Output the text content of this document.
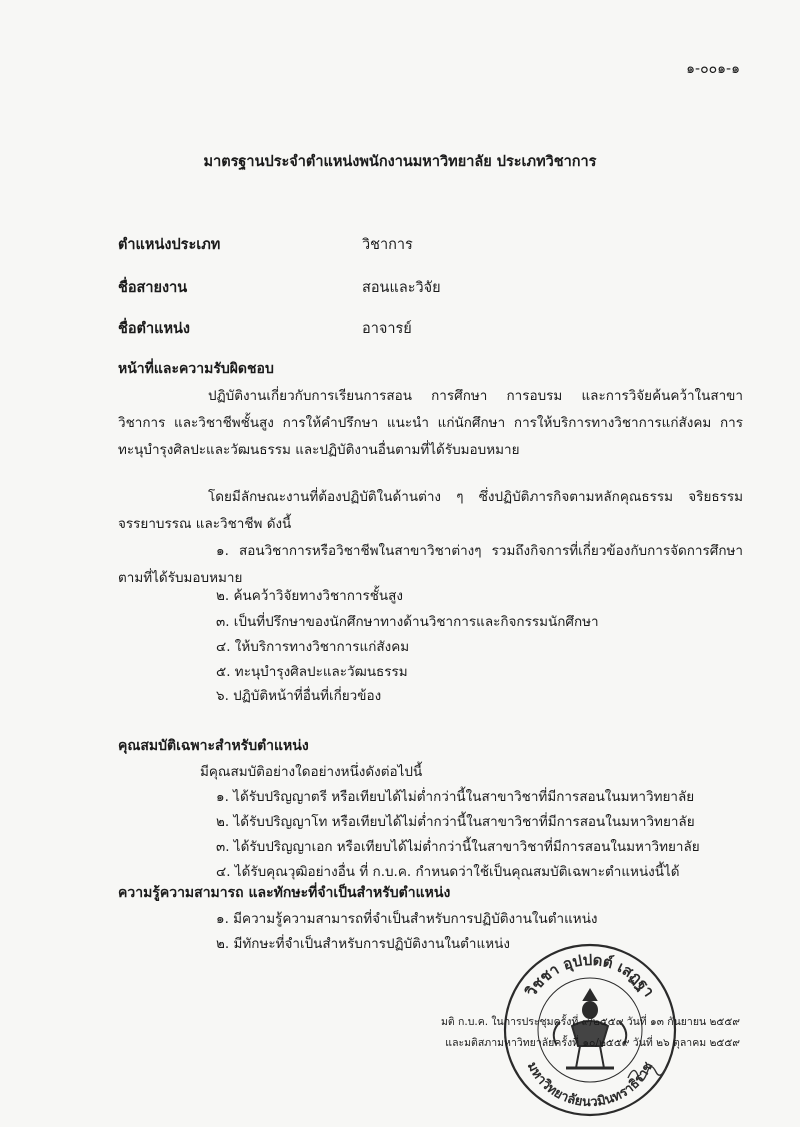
๑-๐๐๑-๑
มาตรฐานประจำตำแหน่งพนักงานมหาวิทยาลัย ประเภทวิชาการ
ตำแหน่งประเภท	วิชาการ
ชื่อสายงาน	สอนและวิจัย
ชื่อตำแหน่ง	อาจารย์
หน้าที่และความรับผิดชอบ
ปฏิบัติงานเกี่ยวกับการเรียนการสอน การศึกษา การอบรม และการวิจัยค้นคว้าในสาขาวิชาการ และวิชาชีพชั้นสูง การให้คำปรึกษา แนะนำ แก่นักศึกษา การให้บริการทางวิชาการแก่สังคม การทะนุบำรุงศิลปะและวัฒนธรรม และปฏิบัติงานอื่นตามที่ได้รับมอบหมาย
โดยมีลักษณะงานที่ต้องปฏิบัติในด้านต่าง ๆ ซึ่งปฏิบัติภารกิจตามหลักคุณธรรม จริยธรรม จรรยาบรรณ และวิชาชีพ ดังนี้
๑. สอนวิชาการหรือวิชาชีพในสาขาวิชาต่างๆ รวมถึงกิจการที่เกี่ยวข้องกับการจัดการศึกษาตามที่ได้รับมอบหมาย
๒. ค้นคว้าวิจัยทางวิชาการชั้นสูง
๓. เป็นที่ปรึกษาของนักศึกษาทางด้านวิชาการและกิจกรรมนักศึกษา
๔. ให้บริการทางวิชาการแก่สังคม
๕. ทะนุบำรุงศิลปะและวัฒนธรรม
๖. ปฏิบัติหน้าที่อื่นที่เกี่ยวข้อง
คุณสมบัติเฉพาะสำหรับตำแหน่ง
มีคุณสมบัติอย่างใดอย่างหนึ่งดังต่อไปนี้
๑. ได้รับปริญญาตรี หรือเทียบได้ไม่ต่ำกว่านี้ในสาขาวิชาที่มีการสอนในมหาวิทยาลัย
๒. ได้รับปริญญาโท หรือเทียบได้ไม่ต่ำกว่านี้ในสาขาวิชาที่มีการสอนในมหาวิทยาลัย
๓. ได้รับปริญญาเอก หรือเทียบได้ไม่ต่ำกว่านี้ในสาขาวิชาที่มีการสอนในมหาวิทยาลัย
๔. ได้รับคุณวุฒิอย่างอื่น ที่ ก.บ.ค. กำหนดว่าใช้เป็นคุณสมบัติเฉพาะตำแหน่งนี้ได้
ความรู้ความสามารถ และทักษะที่จำเป็นสำหรับตำแหน่ง
๑. มีความรู้ความสามารถที่จำเป็นสำหรับการปฏิบัติงานในตำแหน่ง
๒. มีทักษะที่จำเป็นสำหรับการปฏิบัติงานในตำแหน่ง
วิชชา อุปปดต์ เสฏฐา
มหาวิทยาลัยนวมินทราธิราช
มติ ก.บ.ค. ในการประชุมครั้งที่ ๙/๒๕๕๙ วันที่ ๑๓ กันยายน ๒๕๕๙
และมติสภามหาวิทยาลัยครั้งที่ ๑๐/๒๕๕๙ วันที่ ๒๖ ตุลาคม ๒๕๕๙
